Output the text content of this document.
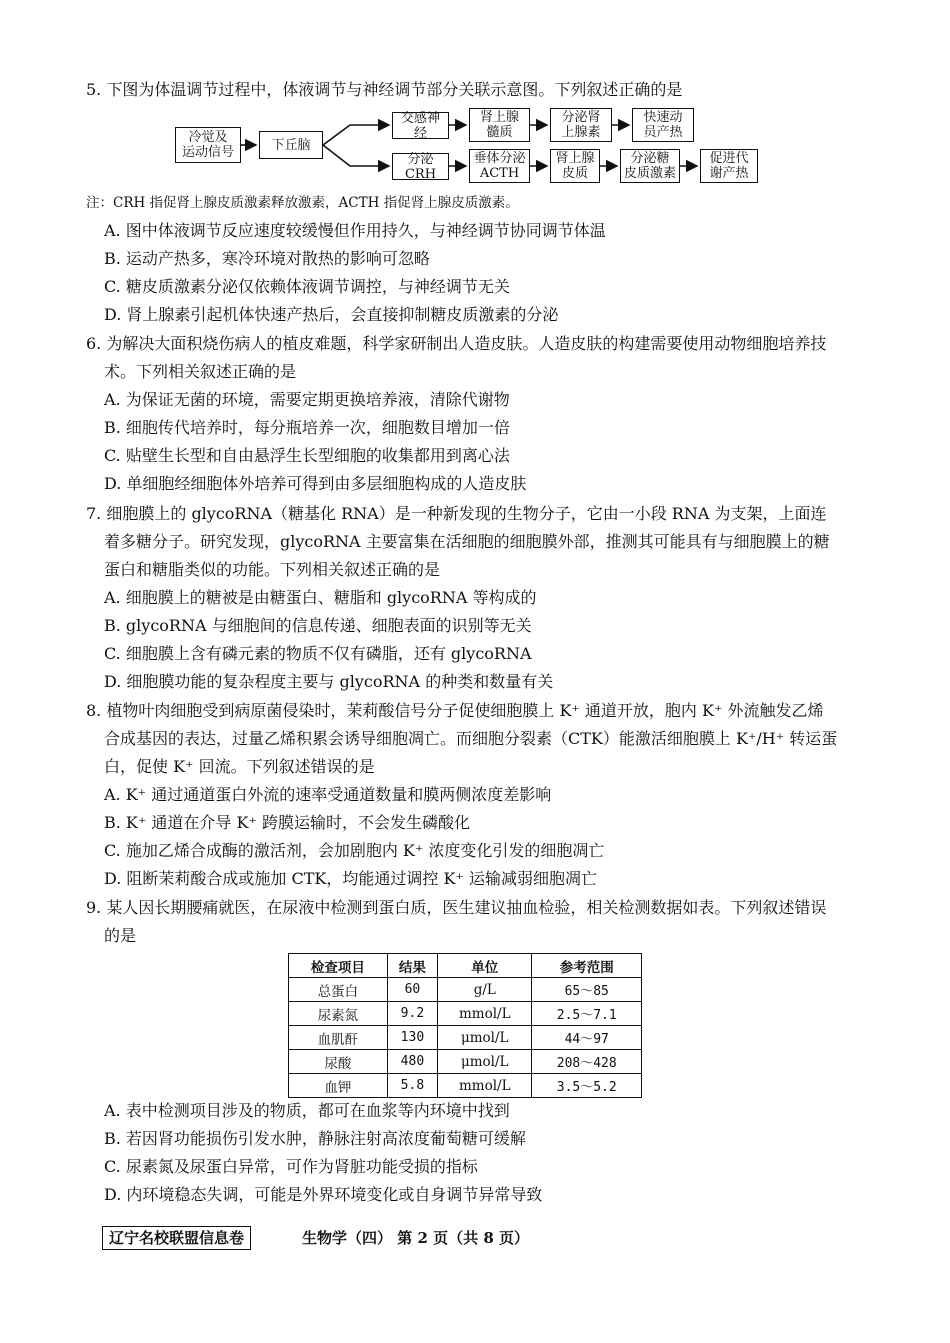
5. 下图为体温调节过程中，体液调节与神经调节部分关联示意图。下列叙述正确的是
冷觉及
运动信号	下丘脑
交感神经
肾上腺
髓质
分泌肾
上腺素
快速动
员产热
分泌CRH
垂体分泌
ACTH
肾上腺
皮质
分泌糖
皮质激素
促进代
谢产热
注：CRH 指促肾上腺皮质激素释放激素，ACTH 指促肾上腺皮质激素。
A. 图中体液调节反应速度较缓慢但作用持久，与神经调节协同调节体温
B. 运动产热多，寒冷环境对散热的影响可忽略
C. 糖皮质激素分泌仅依赖体液调节调控，与神经调节无关
D. 肾上腺素引起机体快速产热后，会直接抑制糖皮质激素的分泌
6. 为解决大面积烧伤病人的植皮难题，科学家研制出人造皮肤。人造皮肤的构建需要使用动物细胞培养技术。下列相关叙述正确的是
A. 为保证无菌的环境，需要定期更换培养液，清除代谢物
B. 细胞传代培养时，每分瓶培养一次，细胞数目增加一倍
C. 贴壁生长型和自由悬浮生长型细胞的收集都用到离心法
D. 单细胞经细胞体外培养可得到由多层细胞构成的人造皮肤
7. 细胞膜上的 glycoRNA（糖基化 RNA）是一种新发现的生物分子，它由一小段 RNA 为支架，上面连着多糖分子。研究发现，glycoRNA 主要富集在活细胞的细胞膜外部，推测其可能具有与细胞膜上的糖蛋白和糖脂类似的功能。下列相关叙述正确的是
A. 细胞膜上的糖被是由糖蛋白、糖脂和 glycoRNA 等构成的
B. glycoRNA 与细胞间的信息传递、细胞表面的识别等无关
C. 细胞膜上含有磷元素的物质不仅有磷脂，还有 glycoRNA
D. 细胞膜功能的复杂程度主要与 glycoRNA 的种类和数量有关
8. 植物叶肉细胞受到病原菌侵染时，茉莉酸信号分子促使细胞膜上 K⁺ 通道开放，胞内 K⁺ 外流触发乙烯合成基因的表达，过量乙烯积累会诱导细胞凋亡。而细胞分裂素（CTK）能激活细胞膜上 K⁺/H⁺ 转运蛋白，促使 K⁺ 回流。下列叙述错误的是
A. K⁺ 通过通道蛋白外流的速率受通道数量和膜两侧浓度差影响
B. K⁺ 通道在介导 K⁺ 跨膜运输时，不会发生磷酸化
C. 施加乙烯合成酶的激活剂，会加剧胞内 K⁺ 浓度变化引发的细胞凋亡
D. 阻断茉莉酸合成或施加 CTK，均能通过调控 K⁺ 运输减弱细胞凋亡
9. 某人因长期腰痛就医，在尿液中检测到蛋白质，医生建议抽血检验，相关检测数据如表。下列叙述错误的是
检查项目	结果	单位	参考范围
总蛋白	60	g/L	65～85
尿素氮	9.2	mmol/L	2.5～7.1
血肌酐	130	μmol/L	44～97
尿酸	480	μmol/L	208～428
血钾	5.8	mmol/L	3.5～5.2
A. 表中检测项目涉及的物质，都可在血浆等内环境中找到
B. 若因肾功能损伤引发水肿，静脉注射高浓度葡萄糖可缓解
C. 尿素氮及尿蛋白异常，可作为肾脏功能受损的指标
D. 内环境稳态失调，可能是外界环境变化或自身调节异常导致
辽宁名校联盟信息卷	生物学（四） 第 2 页（共 8 页）
